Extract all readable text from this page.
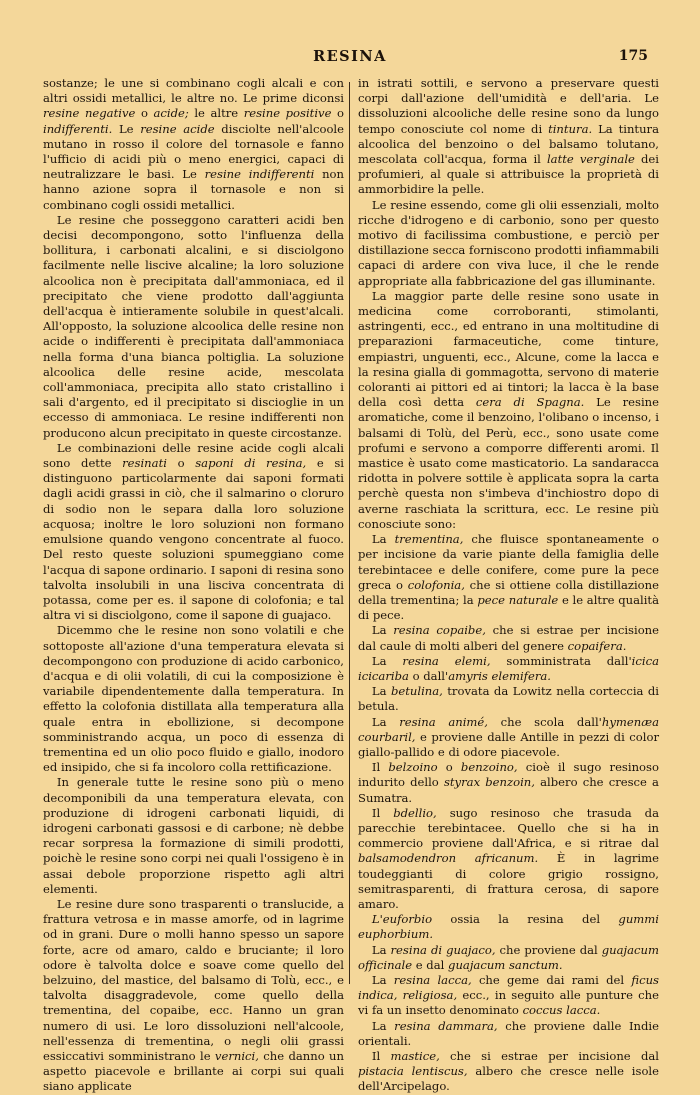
RESINA	175

sostanze; le une si combinano cogli alcali e con altri ossidi metallici, le altre no. Le prime diconsi resine negative o acide; le altre resine positive o indifferenti. Le resine acide disciolte nell'alcoole mutano in rosso il colore del tornasole e fanno l'ufficio di acidi più o meno energici, capaci di neutralizzare le basi. Le resine indifferenti non hanno azione sopra il tornasole e non si combinano cogli ossidi metallici.

Le resine che posseggono caratteri acidi ben decisi decompongono, sotto l'influenza della bollitura, i carbonati alcalini, e si disciolgono facilmente nelle liscive alcaline; la loro soluzione alcoolica non è precipitata dall'ammoniaca, ed il precipitato che viene prodotto dall'aggiunta dell'acqua è intieramente solubile in quest'alcali. All'opposto, la soluzione alcoolica delle resine non acide o indifferenti è precipitata dall'ammoniaca nella forma d'una bianca poltiglia. La soluzione alcoolica delle resine acide, mescolata coll'ammoniaca, precipita allo stato cristallino i sali d'argento, ed il precipitato si discioglie in un eccesso di ammoniaca. Le resine indifferenti non producono alcun precipitato in queste circostanze.

Le combinazioni delle resine acide cogli alcali sono dette resinati o saponi di resina, e si distinguono particolarmente dai saponi formati dagli acidi grassi in ciò, che il salmarino o cloruro di sodio non le separa dalla loro soluzione acquosa; inoltre le loro soluzioni non formano emulsione quando vengono concentrate al fuoco. Del resto queste soluzioni spumeggiano come l'acqua di sapone ordinario. I saponi di resina sono talvolta insolubili in una lisciva concentrata di potassa, come per es. il sapone di colofonia; e tal altra vi si disciolgono, come il sapone di guajaco.

Dicemmo che le resine non sono volatili e che sottoposte all'azione d'una temperatura elevata si decompongono con produzione di acido carbonico, d'acqua e di olii volatili, di cui la composizione è variabile dipendentemente dalla temperatura. In effetto la colofonia distillata alla temperatura alla quale entra in ebollizione, si decompone somministrando acqua, un poco di essenza di trementina ed un olio poco fluido e giallo, inodoro ed insipido, che si fa incoloro colla rettificazione.

In generale tutte le resine sono più o meno decomponibili da una temperatura elevata, con produzione di idrogeni carbonati liquidi, di idrogeni carbonati gassosi e di carbone; nè debbe recar sorpresa la formazione di simili prodotti, poichè le resine sono corpi nei quali l'ossigeno è in assai debole proporzione rispetto agli altri elementi.

Le resine dure sono trasparenti o translucide, a frattura vetrosa e in masse amorfe, od in lagrime od in grani. Dure o molli hanno spesso un sapore forte, acre od amaro, caldo e bruciante; il loro odore è talvolta dolce e soave come quello del belzuino, del mastice, del balsamo di Tolù, ecc., e talvolta disaggradevole, come quello della trementina, del copaibe, ecc. Hanno un gran numero di usi. Le loro dissoluzioni nell'alcoole, nell'essenza di trementina, o negli olii grassi essiccativi somministrano le vernici, che danno un aspetto piacevole e brillante ai corpi sui quali siano applicate

in istrati sottili, e servono a preservare questi corpi dall'azione dell'umidità e dell'aria. Le dissoluzioni alcooliche delle resine sono da lungo tempo conosciute col nome di tintura. La tintura alcoolica del benzoino o del balsamo tolutano, mescolata coll'acqua, forma il latte verginale dei profumieri, al quale si attribuisce la proprietà di ammorbidire la pelle.

Le resine essendo, come gli olii essenziali, molto ricche d'idrogeno e di carbonio, sono per questo motivo di facilissima combustione, e perciò per distillazione secca forniscono prodotti infiammabili capaci di ardere con viva luce, il che le rende appropriate alla fabbricazione del gas illuminante.

La maggior parte delle resine sono usate in medicina come corroboranti, stimolanti, astringenti, ecc., ed entrano in una moltitudine di preparazioni farmaceutiche, come tinture, empiastri, unguenti, ecc., Alcune, come la lacca e la resina gialla di gommagotta, servono di materie coloranti ai pittori ed ai tintori; la lacca è la base della così detta cera di Spagna. Le resine aromatiche, come il benzoino, l'olibano o incenso, i balsami di Tolù, del Perù, ecc., sono usate come profumi e servono a comporre differenti aromi. Il mastice è usato come masticatorio. La sandaracca ridotta in polvere sottile è applicata sopra la carta perchè questa non s'imbeva d'inchiostro dopo di averne raschiata la scrittura, ecc. Le resine più conosciute sono:

La trementina, che fluisce spontaneamente o per incisione da varie piante della famiglia delle terebintacee e delle conifere, come pure la pece greca o colofonia, che si ottiene colla distillazione della trementina; la pece naturale e le altre qualità di pece.

La resina copaibe, che si estrae per incisione dal caule di molti alberi del genere copaifera.

La resina elemi, somministrata dall'icica icicariba o dall'amyris elemifera.

La betulina, trovata da Lowitz nella corteccia di betula.

La resina animé, che scola dall'hymenæa courbaril, e proviene dalle Antille in pezzi di color giallo-pallido e di odore piacevole.

Il belzoino o benzoino, cioè il sugo resinoso indurito dello styrax benzoin, albero che cresce a Sumatra.

Il bdellio, sugo resinoso che trasuda da parecchie terebintacee. Quello che si ha in commercio proviene dall'Africa, e si ritrae dal balsamodendron africanum. È in lagrime toudeggianti di colore grigio rossigno, semitrasparenti, di frattura cerosa, di sapore amaro.

L'euforbio ossia la resina del gummi euphorbium.

La resina di guajaco, che proviene dal guajacum officinale e dal guajacum sanctum.

La resina lacca, che geme dai rami del ficus indica, religiosa, ecc., in seguito alle punture che vi fa un insetto denominato coccus lacca.

La resina dammara, che proviene dalle Indie orientali.

Il mastice, che si estrae per incisione dal pistacia lentiscus, albero che cresce nelle isole dell'Arcipelago.
